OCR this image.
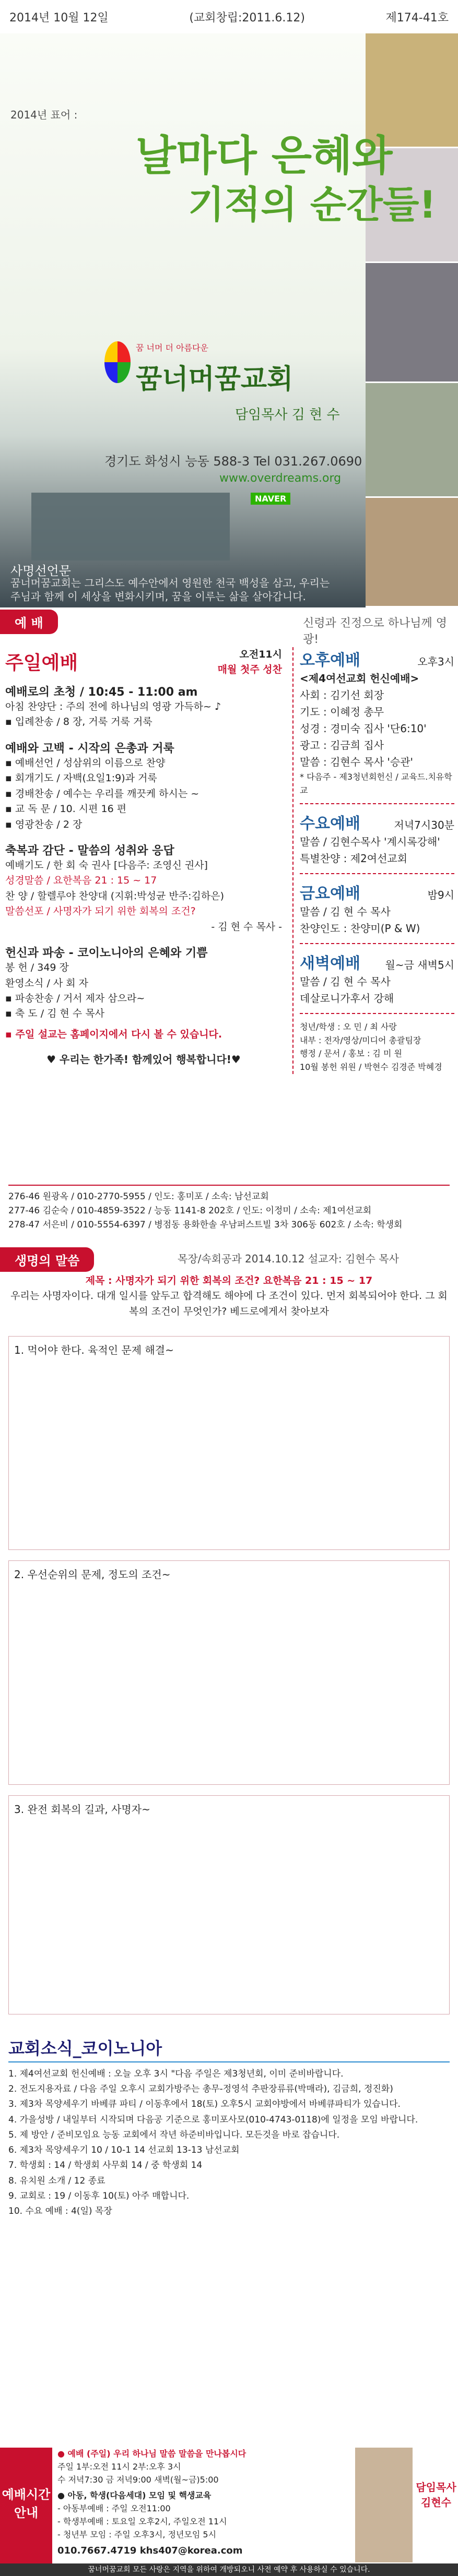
2014년 10월 12일	(교회창립:2011.6.12)	제174-41호
2014년 표어 :
날마다 은혜와
기적의 순간들!
꿈 너머 더 아름다운
꿈너머꿈교회
담임목사 김 현 수
경기도 화성시 능동 588-3 Tel 031.267.0690
www.overdreams.org
NAVER
사명선언문
꿈너머꿈교회는 그리스도 예수안에서 영원한 천국 백성을 삼고, 우리는 주님과 함께 이 세상을 변화시키며, 꿈을 이루는 삶을 살아갑니다.
예 배	신령과 진정으로 하나님께 영광!
주일예배	오전11시
매월 첫주 성찬
예배로의 초청 / 10:45 - 11:00 am
아침 찬양단 : 주의 전에 하나님의 영광 가득하~ ♪
▪ 입례찬송 / 8 장, 거룩 거룩 거룩
예배와 고백 - 시작의 은총과 거룩
▪ 예배선언 / 성삼위의 이름으로 찬양
▪ 회개기도 / 자백(요일1:9)과 거룩
▪ 경배찬송 / 예수는 우리를 깨끗케 하시는 ~
▪ 교 독 문 / 10. 시편 16 편
▪ 영광찬송 / 2 장
축복과 감단 - 말씀의 성취와 응답
예배기도 / 한 회 숙 권사 [다음주: 조영신 권사]
성경말씀 / 요한복음 21 : 15 ~ 17
찬 양 / 할렐루야 찬양대 (지휘:박성균 반주:김하은)
말씀선포 / 사명자가 되기 위한 회복의 조건?
- 김 현 수 목사 -
헌신과 파송 - 코이노니아의 은혜와 기쁨
봉 헌 / 349 장
환영소식 / 사 회 자
▪ 파송찬송 / 거서 제자 삼으라~
▪ 축 도 / 김 현 수 목사
▪ 주일 설교는 홈페이지에서 다시 볼 수 있습니다.
♥ 우리는 한가족! 함께있어 행복합니다!♥
오후예배	오후3시
<제4여선교회 헌신예배>
사회 : 김기선 회장
기도 : 이혜정 총무
성경 : 경미숙 집사 '단6:10'
광고 : 김금희 집사
말씀 : 김현수 목사 '승관'
* 다음주 - 제3청년회헌신 / 교육드.치유학교
수요예배	저녁7시30분
말씀 / 김현수목사 '계시록강해'
특별찬양 : 제2여선교회
금요예배	밤9시
말씀 / 김 현 수 목사
찬양인도 : 찬양미(P & W)
새벽예배 월~금 새벽5시
말씀 / 김 현 수 목사
데살로니가후서 강해
청년/학생 : 오 민 / 최 사랑
내부 : 전자/영상/미디어 총괄팀장
행정 / 문서 / 홍보 : 김 미 원
10월 봉헌 위원 / 박현수 김경준 박혜경
276-46 원광옥 / 010-2770-5955 / 인도: 홍미포 / 소속: 남선교회
277-46 김순숙 / 010-4859-3522 / 능동 1141-8 202호 / 인도: 이정미 / 소속: 제1여선교회
278-47 서은비 / 010-5554-6397 / 병점동 용화한솔 우남퍼스트빌 3차 306동 602호 / 소속: 학생회
생명의 말씀	목장/속회공과 2014.10.12 설교자: 김현수 목사
제목 : 사명자가 되기 위한 회복의 조건? 요한복음 21 : 15 ~ 17
우리는 사명자이다. 대개 일시를 앞두고 합격해도 해야에 다 조건이 있다. 먼저 회복되어야 한다. 그 회복의 조건이 무엇인가? 베드로에게서 찾아보자
1. 먹어야 한다. 육적인 문제 해결~
2. 우선순위의 문제, 정도의 조건~
3. 완전 회복의 길과, 사명자~
교회소식_코이노니아
1. 제4여선교회 헌신예배 : 오늘 오후 3시 "다음 주일은 제3청년회, 이미 준비바랍니다.
2. 전도지용자료 / 다음 주일 오후시 교회가방주는 총무-정영석 추판장류류(박매라), 김금희, 정진화)
3. 제3차 목양세우기 바베큐 파티 / 이동후에서 18(토) 오후5시 교회야방에서 바베큐파티가 있습니다.
4. 가을성방 / 내일부터 시작되며 다음공 기준으로 홍미포사모(010-4743-0118)에 일정을 모임 바랍니다.
5. 제 방안 / 준비모임요 능동 교회에서 작년 하준비바입니다. 모든것을 바로 잡습니다.
6. 제3차 목양세우기 10 / 10-1 14 선교회 13-13 남선교회
7. 학생회 : 14 / 학생회 사무회 14 / 중 학생회 14
8. 유치원 소개 / 12 종료
9. 교회로 : 19 / 이동후 10(토) 아주 매합니다.
10. 수요 예배 : 4(일) 목장
예배시간 안내
● 예배 (주일) 우리 하나님 말씀 말씀을 만나봅시다
주일 1부:오전 11시 2부:오후 3시
수 저녁7:30 금 저녁9:00 새벽(월~금)5:00
● 아동, 학생(다음세대) 모임 및 핵생교육
- 아동부예배 : 주일 오전11:00
- 학생부예배 : 토요일 오후2시, 주일오전 11시
- 청년부 모임 : 주일 오후3시, 정년모임 5시
010.7667.4719 khs407@korea.com
담임목사 김현수
꿈너머꿈교회 모든 사랑은 지역을 위하여 개방되오니 사전 예약 후 사용하실 수 있습니다.
